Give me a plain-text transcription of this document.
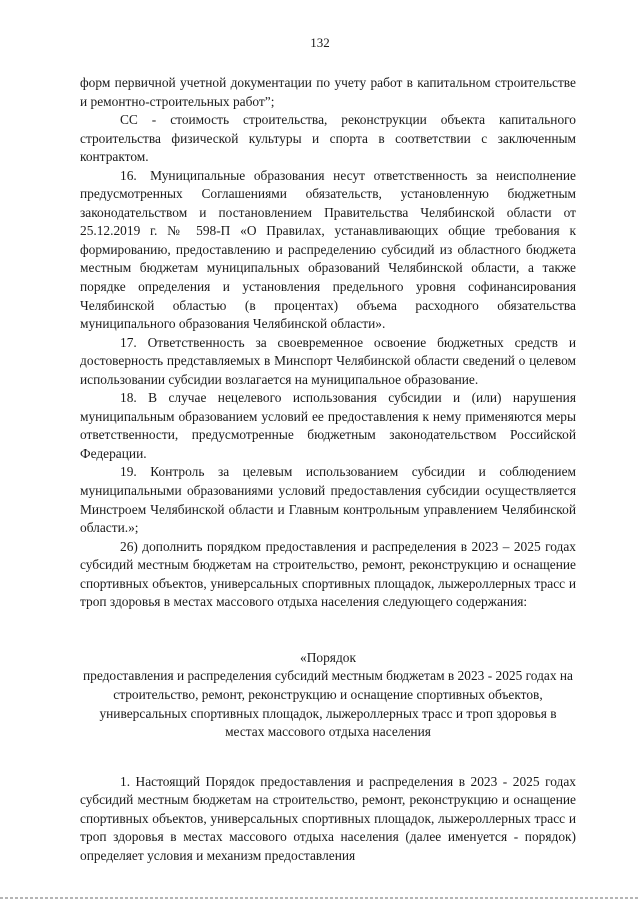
132

форм первичной учетной документации по учету работ в капитальном строительстве и ремонтно-строительных работ”;

СС - стоимость строительства, реконструкции объекта капитального строительства физической культуры и спорта в соответствии с заключенным контрактом.

16. Муниципальные образования несут ответственность за неисполнение предусмотренных Соглашениями обязательств, установленную бюджетным законодательством и постановлением Правительства Челябинской области от 25.12.2019 г. № 598-П «О Правилах, устанавливающих общие требования к формированию, предоставлению и распределению субсидий из областного бюджета местным бюджетам муниципальных образований Челябинской области, а также порядке определения и установления предельного уровня софинансирования Челябинской областью (в процентах) объема расходного обязательства муниципального образования Челябинской области».

17. Ответственность за своевременное освоение бюджетных средств и достоверность представляемых в Минспорт Челябинской области сведений о целевом использовании субсидии возлагается на муниципальное образование.

18. В случае нецелевого использования субсидии и (или) нарушения муниципальным образованием условий ее предоставления к нему применяются меры ответственности, предусмотренные бюджетным законодательством Российской Федерации.

19. Контроль за целевым использованием субсидии и соблюдением муниципальными образованиями условий предоставления субсидии осуществляется Минстроем Челябинской области и Главным контрольным управлением Челябинской области.»;

26) дополнить порядком предоставления и распределения в 2023 – 2025 годах субсидий местным бюджетам на строительство, ремонт, реконструкцию и оснащение спортивных объектов, универсальных спортивных площадок, лыжероллерных трасс и троп здоровья в местах массового отдыха населения следующего содержания:

«Порядок
предоставления и распределения субсидий местным бюджетам в 2023 - 2025 годах на строительство, ремонт, реконструкцию и оснащение спортивных объектов, универсальных спортивных площадок, лыжероллерных трасс и троп здоровья в местах массового отдыха населения

1. Настоящий Порядок предоставления и распределения в 2023 - 2025 годах субсидий местным бюджетам на строительство, ремонт, реконструкцию и оснащение спортивных объектов, универсальных спортивных площадок, лыжероллерных трасс и троп здоровья в местах массового отдыха населения (далее именуется - порядок) определяет условия и механизм предоставления
